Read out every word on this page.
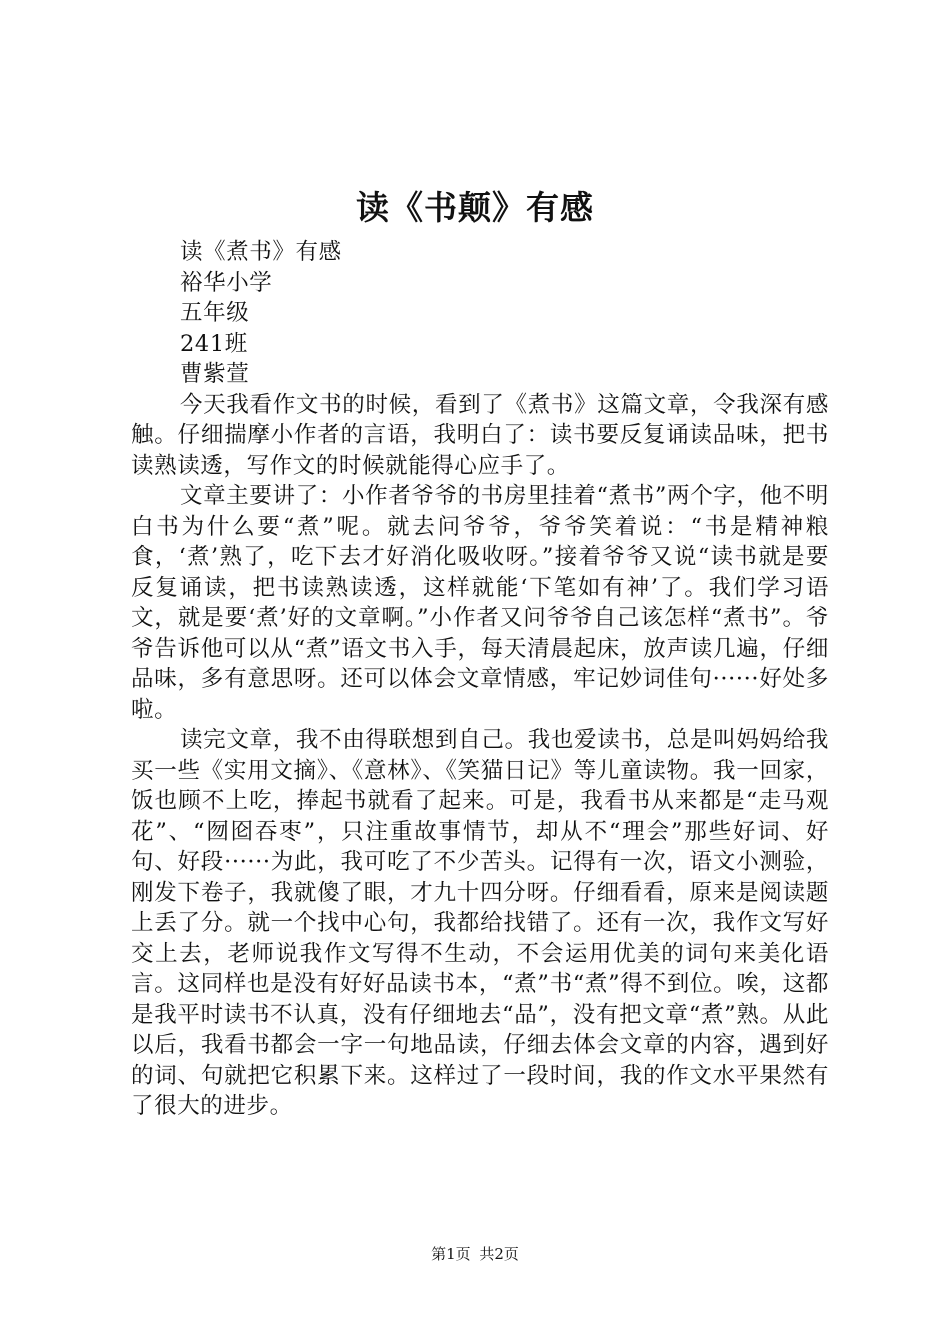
读《书颠》有感

读《煮书》有感

裕华小学

五年级

241班

曹紫萱

今天我看作文书的时候，看到了《煮书》这篇文章，令我深有感触。仔细揣摩小作者的言语，我明白了：读书要反复诵读品味，把书读熟读透，写作文的时候就能得心应手了。

文章主要讲了：小作者爷爷的书房里挂着“煮书”两个字，他不明白书为什么要“煮”呢。就去问爷爷，爷爷笑着说：“书是精神粮食，‘煮’熟了，吃下去才好消化吸收呀。”接着爷爷又说“读书就是要反复诵读，把书读熟读透，这样就能‘下笔如有神’了。我们学习语文，就是要‘煮’好的文章啊。”小作者又问爷爷自己该怎样“煮书”。爷爷告诉他可以从“煮”语文书入手，每天清晨起床，放声读几遍，仔细品味，多有意思呀。还可以体会文章情感，牢记妙词佳句······好处多啦。

读完文章，我不由得联想到自己。我也爱读书，总是叫妈妈给我买一些《实用文摘》、《意林》、《笑猫日记》等儿童读物。我一回家，饭也顾不上吃，捧起书就看了起来。可是，我看书从来都是“走马观花”、“囫囵吞枣”，只注重故事情节，却从不“理会”那些好词、好句、好段······为此，我可吃了不少苦头。记得有一次，语文小测验，刚发下卷子，我就傻了眼，才九十四分呀。仔细看看，原来是阅读题上丢了分。就一个找中心句，我都给找错了。还有一次，我作文写好交上去，老师说我作文写得不生动，不会运用优美的词句来美化语言。这同样也是没有好好品读书本，“煮”书“煮”得不到位。唉，这都是我平时读书不认真，没有仔细地去“品”，没有把文章“煮”熟。从此以后，我看书都会一字一句地品读，仔细去体会文章的内容，遇到好的词、句就把它积累下来。这样过了一段时间，我的作文水平果然有了很大的进步。

第1页 共2页
